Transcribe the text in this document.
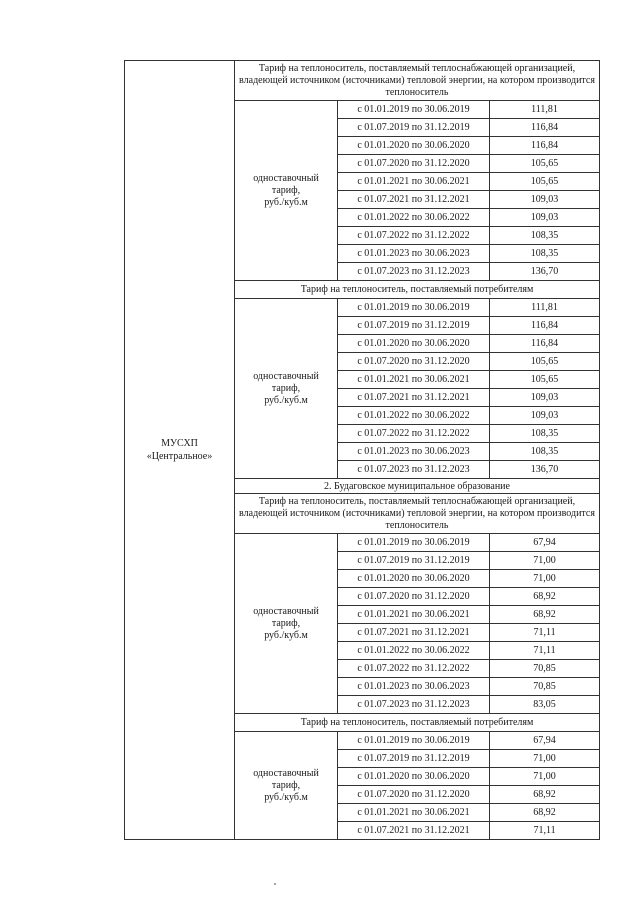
МУСХП
«Центральное»	Тариф на теплоноситель, поставляемый теплоснабжающей организацией, владеющей источником (источниками) тепловой энергии, на котором производится теплоноситель		

	одноставочный
тариф,
руб./куб.м	с 01.01.2019 по 30.06.2019	111,81
		с 01.07.2019 по 31.12.2019	116,84
		с 01.01.2020 по 30.06.2020	116,84
		с 01.07.2020 по 31.12.2020	105,65
		с 01.01.2021 по 30.06.2021	105,65
		с 01.07.2021 по 31.12.2021	109,03
		с 01.01.2022 по 30.06.2022	109,03
		с 01.07.2022 по 31.12.2022	108,35
		с 01.01.2023 по 30.06.2023	108,35
		с 01.07.2023 по 31.12.2023	136,70
	Тариф на теплоноситель, поставляемый потребителям		

	одноставочный
тариф,
руб./куб.м	с 01.01.2019 по 30.06.2019	111,81
		с 01.07.2019 по 31.12.2019	116,84
		с 01.01.2020 по 30.06.2020	116,84
		с 01.07.2020 по 31.12.2020	105,65
		с 01.01.2021 по 30.06.2021	105,65
		с 01.07.2021 по 31.12.2021	109,03
		с 01.01.2022 по 30.06.2022	109,03
		с 01.07.2022 по 31.12.2022	108,35
		с 01.01.2023 по 30.06.2023	108,35
		с 01.07.2023 по 31.12.2023	136,70
	2. Будаговское муниципальное образование		
	Тариф на теплоноситель, поставляемый теплоснабжающей организацией, владеющей источником (источниками) тепловой энергии, на котором производится теплоноситель		

	одноставочный
тариф,
руб./куб.м	с 01.01.2019 по 30.06.2019	67,94
		с 01.07.2019 по 31.12.2019	71,00
		с 01.01.2020 по 30.06.2020	71,00
		с 01.07.2020 по 31.12.2020	68,92
		с 01.01.2021 по 30.06.2021	68,92
		с 01.07.2021 по 31.12.2021	71,11
		с 01.01.2022 по 30.06.2022	71,11
		с 01.07.2022 по 31.12.2022	70,85
		с 01.01.2023 по 30.06.2023	70,85
		с 01.07.2023 по 31.12.2023	83,05
	Тариф на теплоноситель, поставляемый потребителям		

	одноставочный
тариф,
руб./куб.м	с 01.01.2019 по 30.06.2019	67,94
		с 01.07.2019 по 31.12.2019	71,00
		с 01.01.2020 по 30.06.2020	71,00
		с 01.07.2020 по 31.12.2020	68,92
		с 01.01.2021 по 30.06.2021	68,92
		с 01.07.2021 по 31.12.2021	71,11
